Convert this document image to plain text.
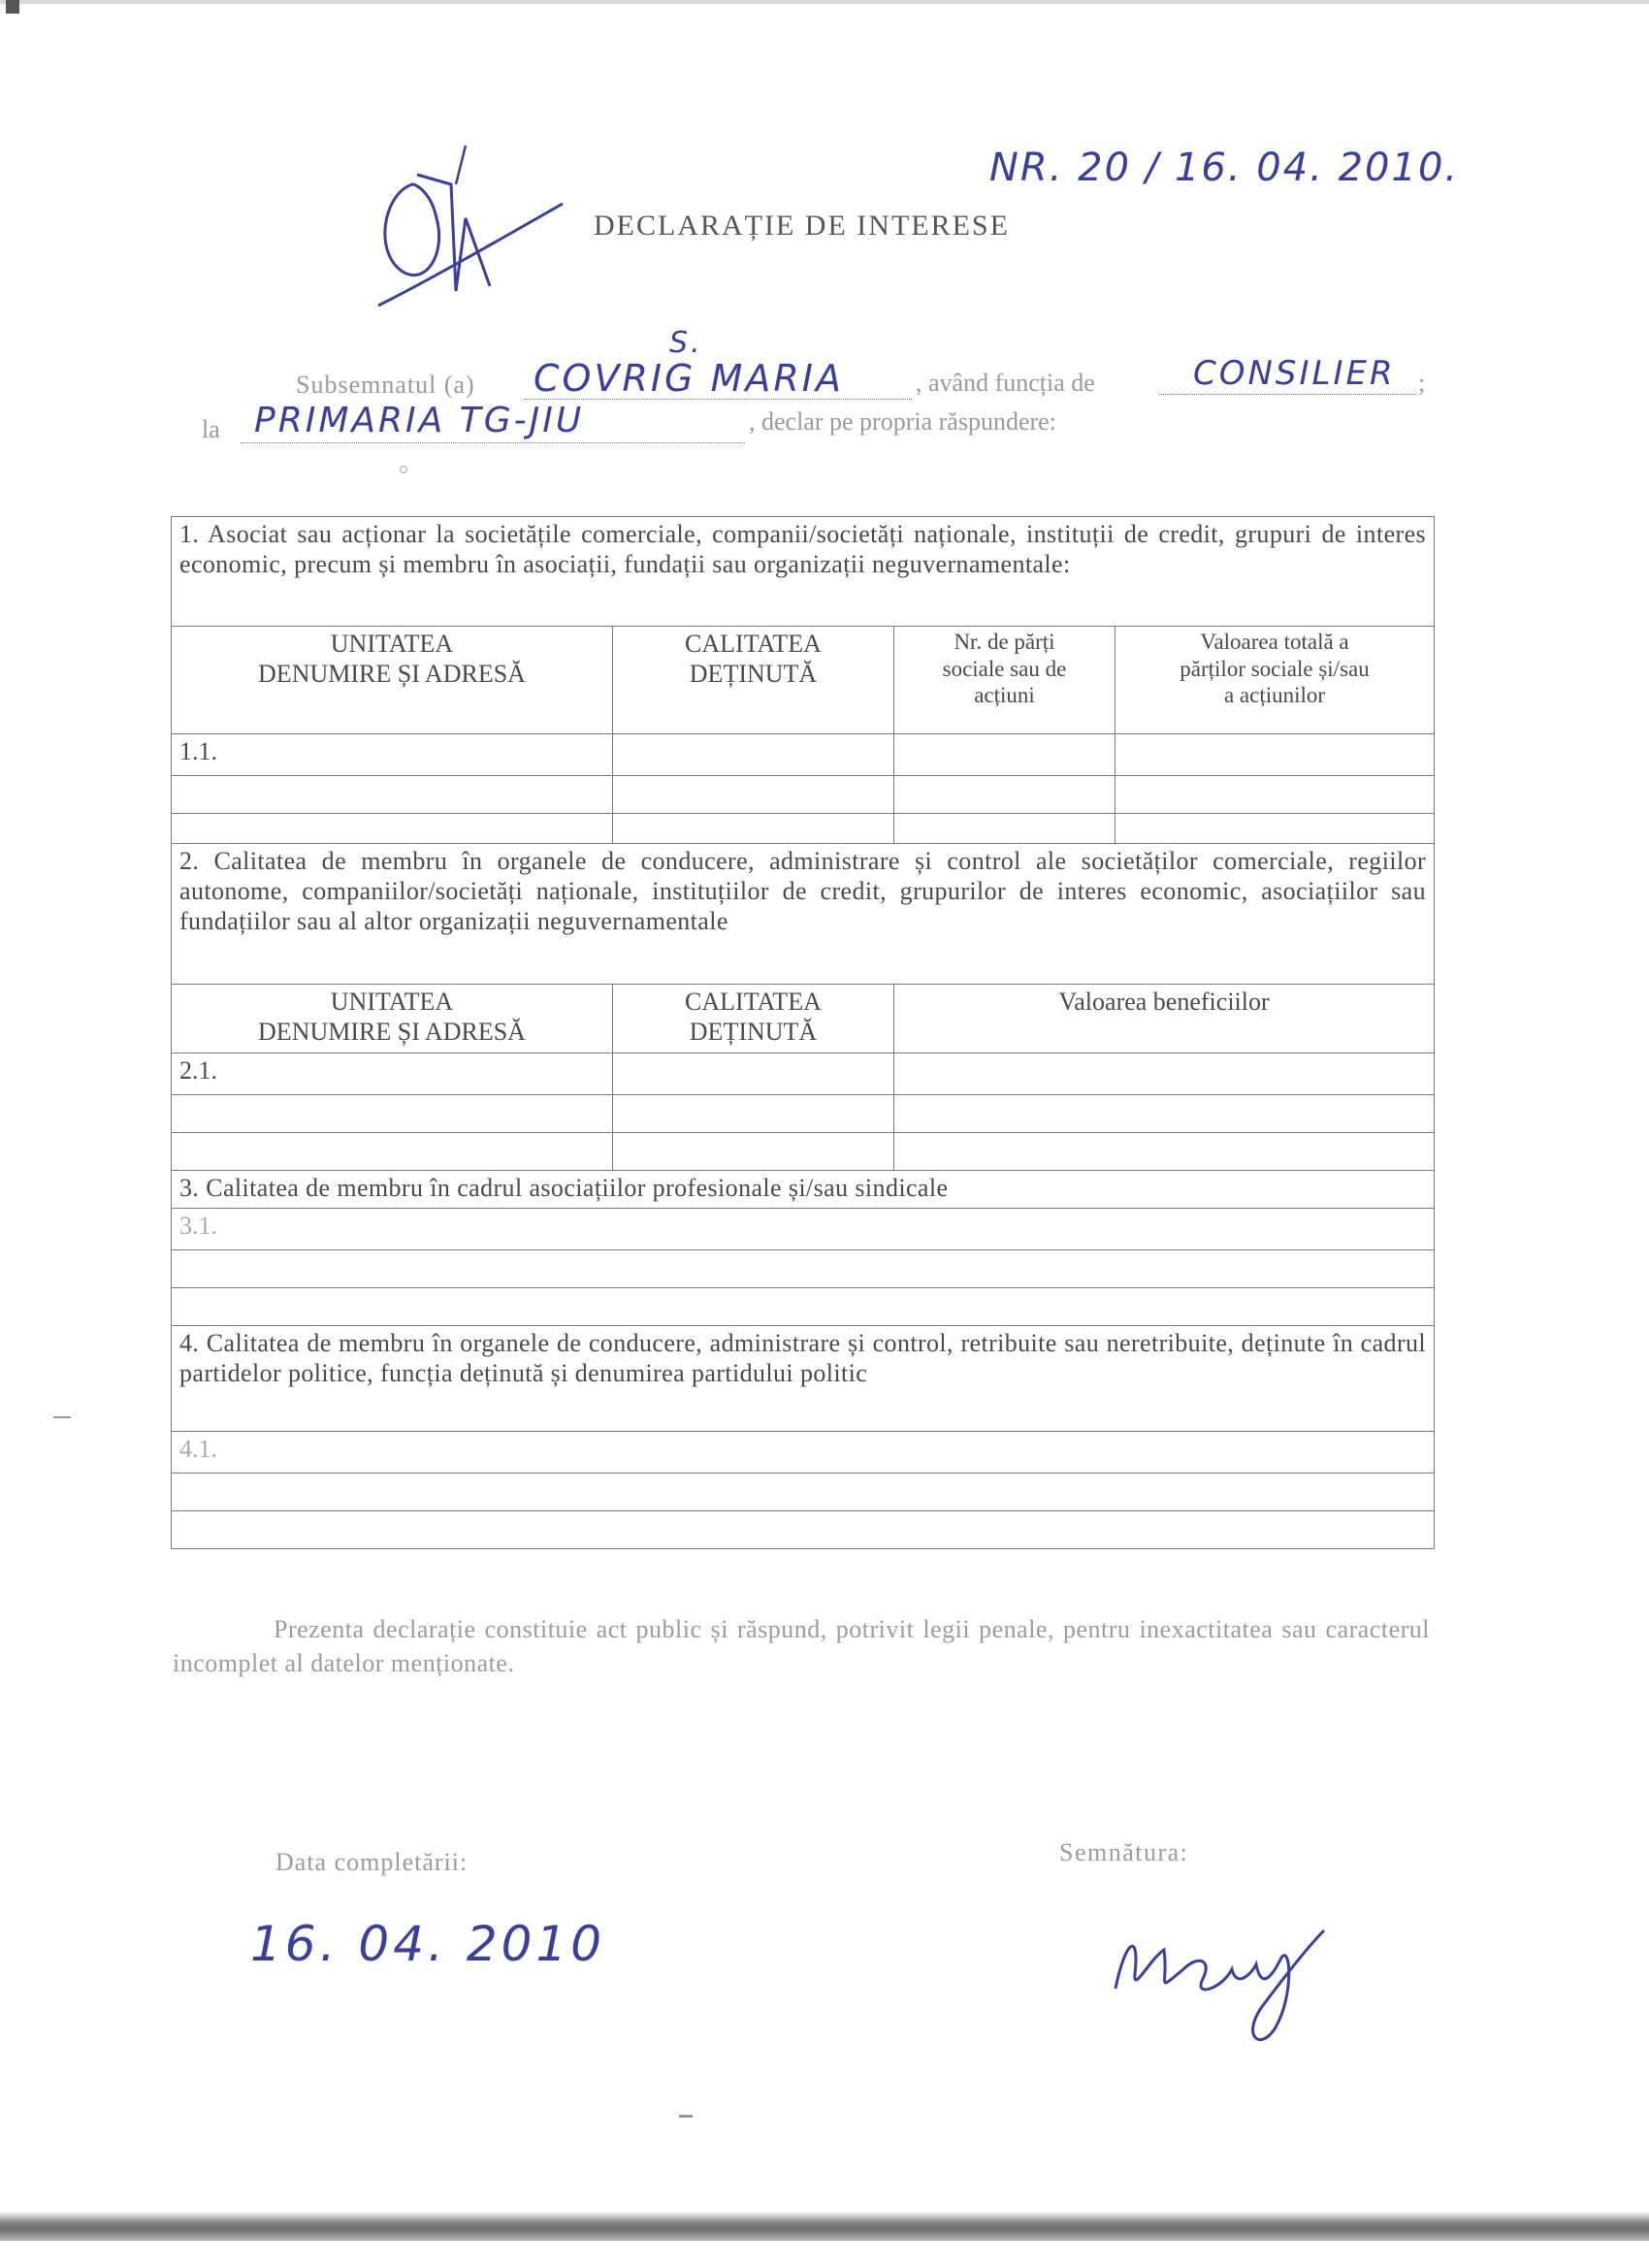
NR. 20 / 16. 04. 2010.
DECLARAȚIE DE INTERESE
Subsemnatul (a)
S.
COVRIG MARIA	, având funcția de	CONSILIER ;
la PRIMARIA TG-JIU	, declar pe propria răspundere:
1. Asociat sau acționar la societățile comerciale, companii/societăți naționale, instituții de credit, grupuri de interes economic, precum și membru în asociații, fundații sau organizații neguvernamentale:			
UNITATEA
DENUMIRE ȘI ADRESĂ	CALITATEA
DEȚINUTĂ	Nr. de părți
sociale sau de
acțiuni	Valoarea totală a
părților sociale și/sau
a acțiunilor
1.1.			

2. Calitatea de membru în organele de conducere, administrare și control ale societăților comerciale, regiilor autonome, companiilor/societăți naționale, instituțiilor de credit, grupurilor de interes economic, asociațiilor sau fundațiilor sau al altor organizații neguvernamentale			
UNITATEA
DENUMIRE ȘI ADRESĂ	CALITATEA
DEȚINUTĂ	Valoarea beneficiilor	
2.1.			

3. Calitatea de membru în cadrul asociațiilor profesionale și/sau sindicale			
3.1.			

4. Calitatea de membru în organele de conducere, administrare și control, retribuite sau neretribuite, deținute în cadrul partidelor politice, funcția deținută și denumirea partidului politic			
4.1.			

Prezenta declarație constituie act public și răspund, potrivit legii penale, pentru inexactitatea sau caracterul incomplet al datelor menționate.
Data completării:
16. 04. 2010
Semnătura:
